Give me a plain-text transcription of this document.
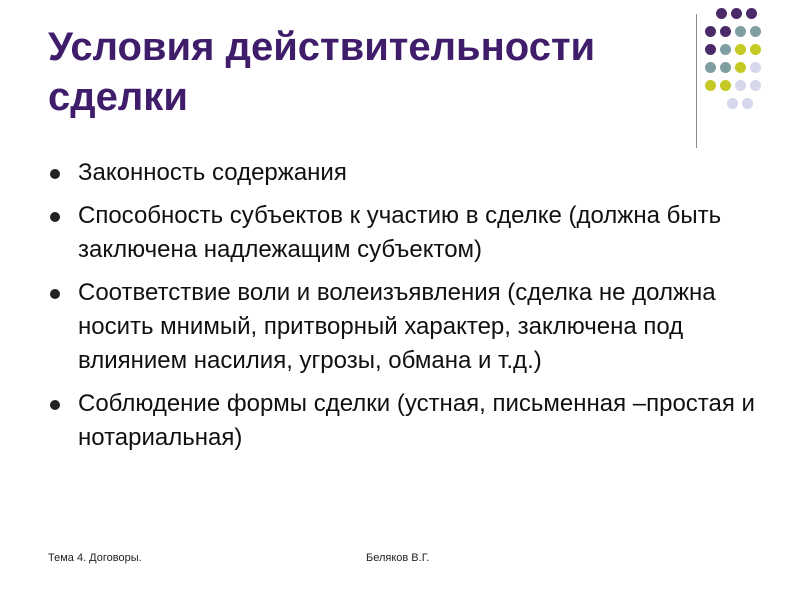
Условия действительности сделки
Законность содержания
Способность субъектов к участию в сделке (должна быть заключена надлежащим субъектом)
Соответствие воли и волеизъявления (сделка не должна носить мнимый, притворный характер, заключена под влиянием насилия, угрозы, обмана и т.д.)
Соблюдение формы сделки (устная, письменная –простая и нотариальная)
Тема 4. Договоры.	Беляков В.Г.
